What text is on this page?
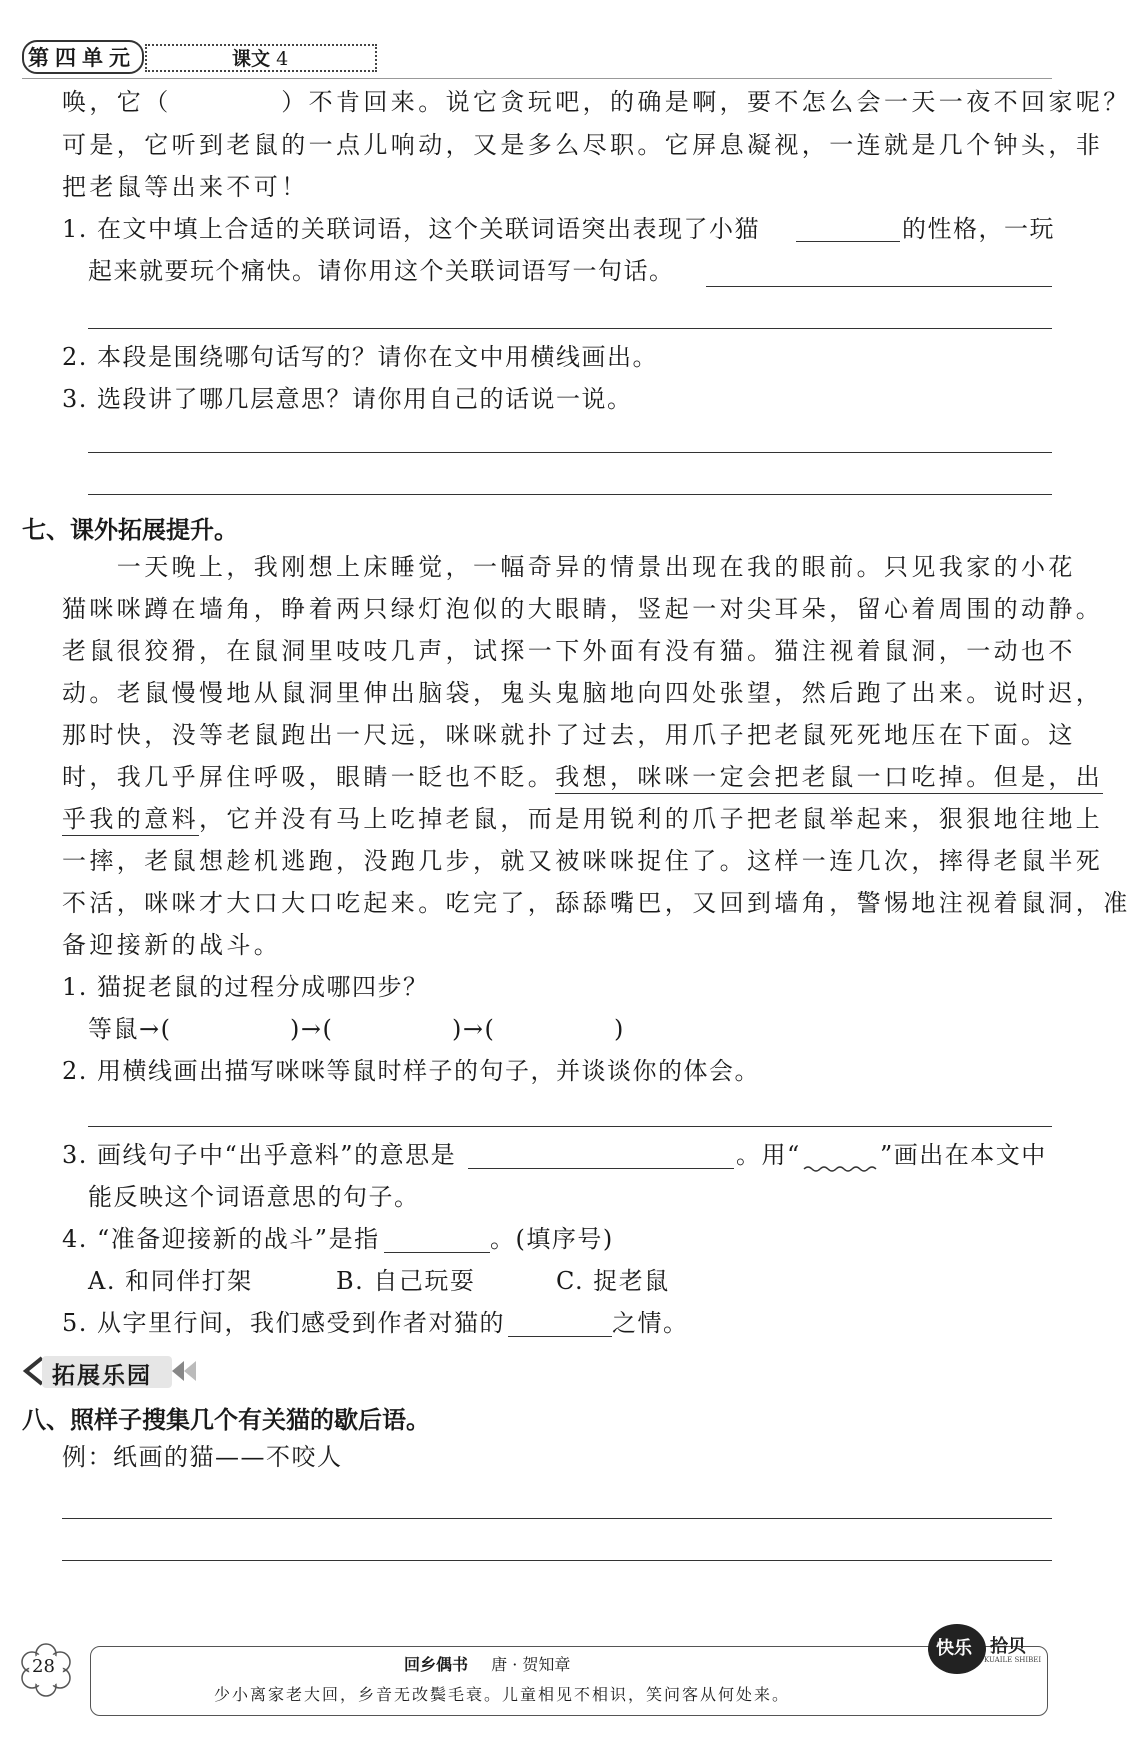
第四单元	课文 4
唤，它（　　　　）不肯回来。说它贪玩吧，的确是啊，要不怎么会一天一夜不回家呢？
可是，它听到老鼠的一点儿响动，又是多么尽职。它屏息凝视，一连就是几个钟头，非
把老鼠等出来不可！
1. 在文中填上合适的关联词语，这个关联词语突出表现了小猫	的性格，一玩
起来就要玩个痛快。请你用这个关联词语写一句话。
2. 本段是围绕哪句话写的？请你在文中用横线画出。
3. 选段讲了哪几层意思？请你用自己的话说一说。
七、课外拓展提升。
　　一天晚上，我刚想上床睡觉，一幅奇异的情景出现在我的眼前。只见我家的小花
猫咪咪蹲在墙角，睁着两只绿灯泡似的大眼睛，竖起一对尖耳朵，留心着周围的动静。
老鼠很狡猾，在鼠洞里吱吱几声，试探一下外面有没有猫。猫注视着鼠洞，一动也不
动。老鼠慢慢地从鼠洞里伸出脑袋，鬼头鬼脑地向四处张望，然后跑了出来。说时迟，
那时快，没等老鼠跑出一尺远，咪咪就扑了过去，用爪子把老鼠死死地压在下面。这
时，我几乎屏住呼吸，眼睛一眨也不眨。我想，咪咪一定会把老鼠一口吃掉。但是，出
乎我的意料，它并没有马上吃掉老鼠，而是用锐利的爪子把老鼠举起来，狠狠地往地上
一摔，老鼠想趁机逃跑，没跑几步，就又被咪咪捉住了。这样一连几次，摔得老鼠半死
不活，咪咪才大口大口吃起来。吃完了，舔舔嘴巴，又回到墙角，警惕地注视着鼠洞，准
备迎接新的战斗。
1. 猫捉老鼠的过程分成哪四步？
等鼠→(	)→(	)→(	)
2. 用横线画出描写咪咪等鼠时样子的句子，并谈谈你的体会。
3. 画线句子中“出乎意料”的意思是	。用“	”画出在本文中
能反映这个词语意思的句子。
4. “准备迎接新的战斗”是指	。(填序号)
A. 和同伴打架	B. 自己玩耍	C. 捉老鼠
5. 从字里行间，我们感受到作者对猫的	之情。
拓展乐园
八、照样子搜集几个有关猫的歇后语。
例：纸画的猫——不咬人
28	回乡偶书 唐 · 贺知章
少小离家老大回，乡音无改鬓毛衰。儿童相见不相识，笑问客从何处来。
快乐 拾贝
KUAILE SHIBEI
